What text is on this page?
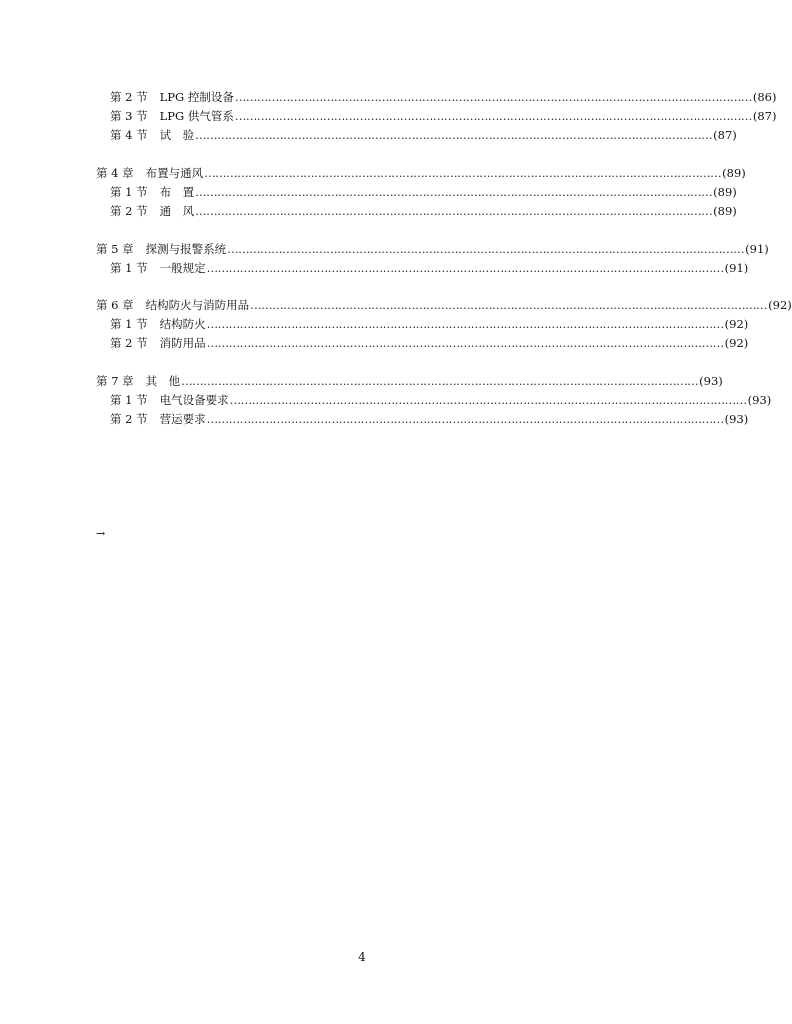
第 2 节 LPG 控制设备 …………………………………………………………………………………………………………………………… (86)
第 3 节 LPG 供气管系 …………………………………………………………………………………………………………………………… (87)
第 4 节 试　验 …………………………………………………………………………………………………………………………… (87)
第 4 章 布置与通风 …………………………………………………………………………………………………………………………… (89)
第 1 节 布　置 …………………………………………………………………………………………………………………………… (89)
第 2 节 通　风 …………………………………………………………………………………………………………………………… (89)
第 5 章 探测与报警系统 …………………………………………………………………………………………………………………………… (91)
第 1 节 一般规定 …………………………………………………………………………………………………………………………… (91)
第 6 章 结构防火与消防用品 …………………………………………………………………………………………………………………………… (92)
第 1 节 结构防火 …………………………………………………………………………………………………………………………… (92)
第 2 节 消防用品 …………………………………………………………………………………………………………………………… (92)
第 7 章 其　他 …………………………………………………………………………………………………………………………… (93)
第 1 节 电气设备要求 …………………………………………………………………………………………………………………………… (93)
第 2 节 营运要求 …………………………………………………………………………………………………………………………… (93)
→
4
